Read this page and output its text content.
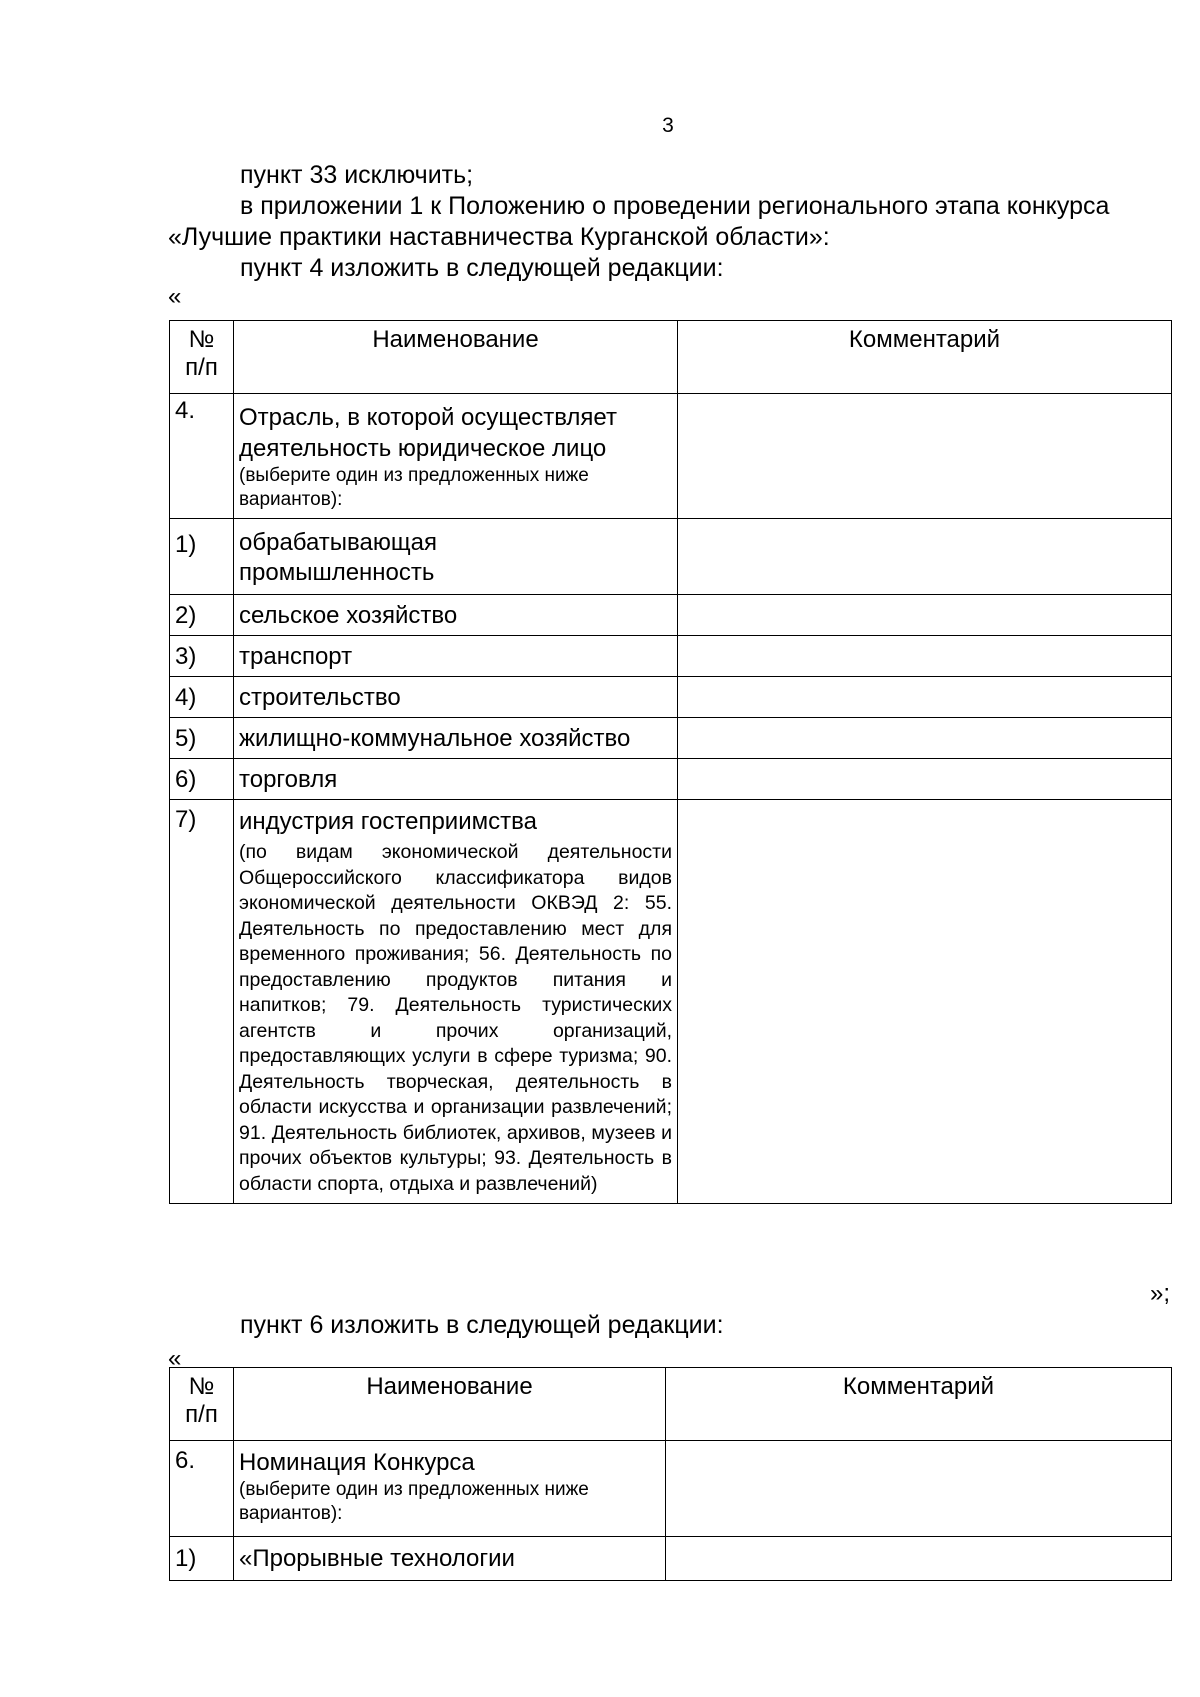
3
пункт 33 исключить;
в приложении 1 к Положению о проведении регионального этапа конкурса
«Лучшие практики наставничества Курганской области»:
пункт 4 изложить в следующей редакции:
«
№
п/п	Наименование	Комментарий
4.	Отрасль, в которой осуществляет
деятельность юридическое лицо
(выберите один из предложенных ниже вариантов):	

1)	обрабатывающая промышленность	
2)	сельское хозяйство	
3)	транспорт	
4)	строительство	
5)	жилищно-коммунальное хозяйство	
6)	торговля	
7)	индустрия гостеприимства
(по видам экономической деятельности Общероссийского классификатора видов экономической деятельности ОКВЭД 2: 55. Деятельность по предоставлению мест для временного проживания; 56. Деятельность по предоставлению продуктов питания и напитков; 79. Деятельность туристических агентств и прочих организаций, предоставляющих услуги в сфере туризма; 90. Деятельность творческая, деятельность в области искусства и организации развлечений; 91. Деятельность библиотек, архивов, музеев и прочих объектов культуры; 93. Деятельность в области спорта, отдыха и развлечений)	

»;
пункт 6 изложить в следующей редакции:
«
№
п/п	Наименование	Комментарий
6.	Номинация Конкурса
(выберите один из предложенных ниже вариантов):	

1)	«Прорывные технологии	
